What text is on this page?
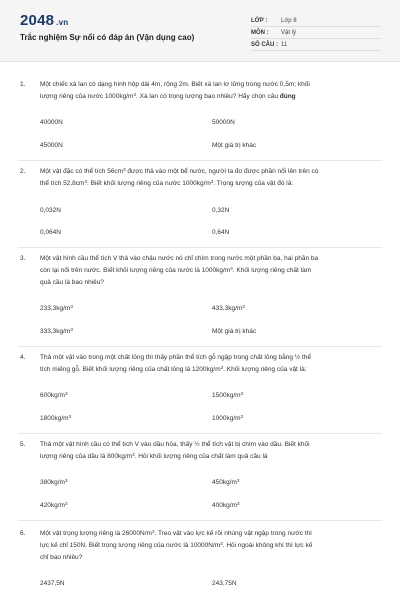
2048 .vn
Trắc nghiệm Sự nổi có đáp án (Vận dụng cao)
LỚP :	Lớp 8
MÔN :	Vật lý
SỐ CÂU : 11
1.	Một chiếc xà lan có dạng hình hộp dài 4m, rộng 2m. Biết xà lan lơ lửng trong nước 0,5m; khối
lượng riêng của nước $1000kg/m^3$. Xà lan có trọng lượng bao nhiêu? Hãy chọn câu đúng
40000N	50000N
45000N	Một giá trị khác
2.	Một vật đặc có thể tích $56cm^3$ được thả vào một bể nước, người ta đo được phần nổi lên trên có
thể tích $52,8cm^3$. Biết khối lượng riêng của nước $1000kg/m^3$. Trọng lượng của vật đó là:
0,032N	0,32N
0,064N	0,64N
3.	Một vật hình cầu thể tích V thả vào chậu nước nó chỉ chìm trong nước một phần ba, hai phần ba
còn lại nổi trên nước. Biết khối lượng riêng của nước là $1000kg/m^3$. Khối lượng riêng chất làm
quả cầu là bao nhiêu?
$233,3kg/m^3$	$433,3kg/m^3$
$333,3kg/m^3$	Một giá trị khác
4.	Thả một vật vào trong một chất lỏng thì thấy phần thể tích gỗ ngập trong chất lỏng bằng ½ thể
tích miếng gỗ. Biết khối lượng riêng của chất lỏng là $1200kg/m^3$. Khối lượng riêng của vật là:
$600kg/m^3$	$1500kg/m^3$
$1800kg/m^3$	$1000kg/m^3$
5.	Thả một vật hình cầu có thể tích V vào dầu hỏa, thấy ½ thể tích vật bị chìm vào dầu. Biết khối
lượng riêng của dầu là $800kg/m^3$. Hỏi khối lượng riêng của chất làm quả cầu là
$380kg/m^3$	$450kg/m^3$
$420kg/m^3$	$400kg/m^3$
6.	Một vật trọng lượng riêng là $26000N/m^3$. Treo vật vào lực kế rồi nhúng vật ngập trong nước thì
lực kế chỉ 150N. Biết trọng lượng riêng của nước là $10000N/m^3$. Hỏi ngoài không khí thì lực kế
chỉ bao nhiêu?
2437,5N	243,75N
